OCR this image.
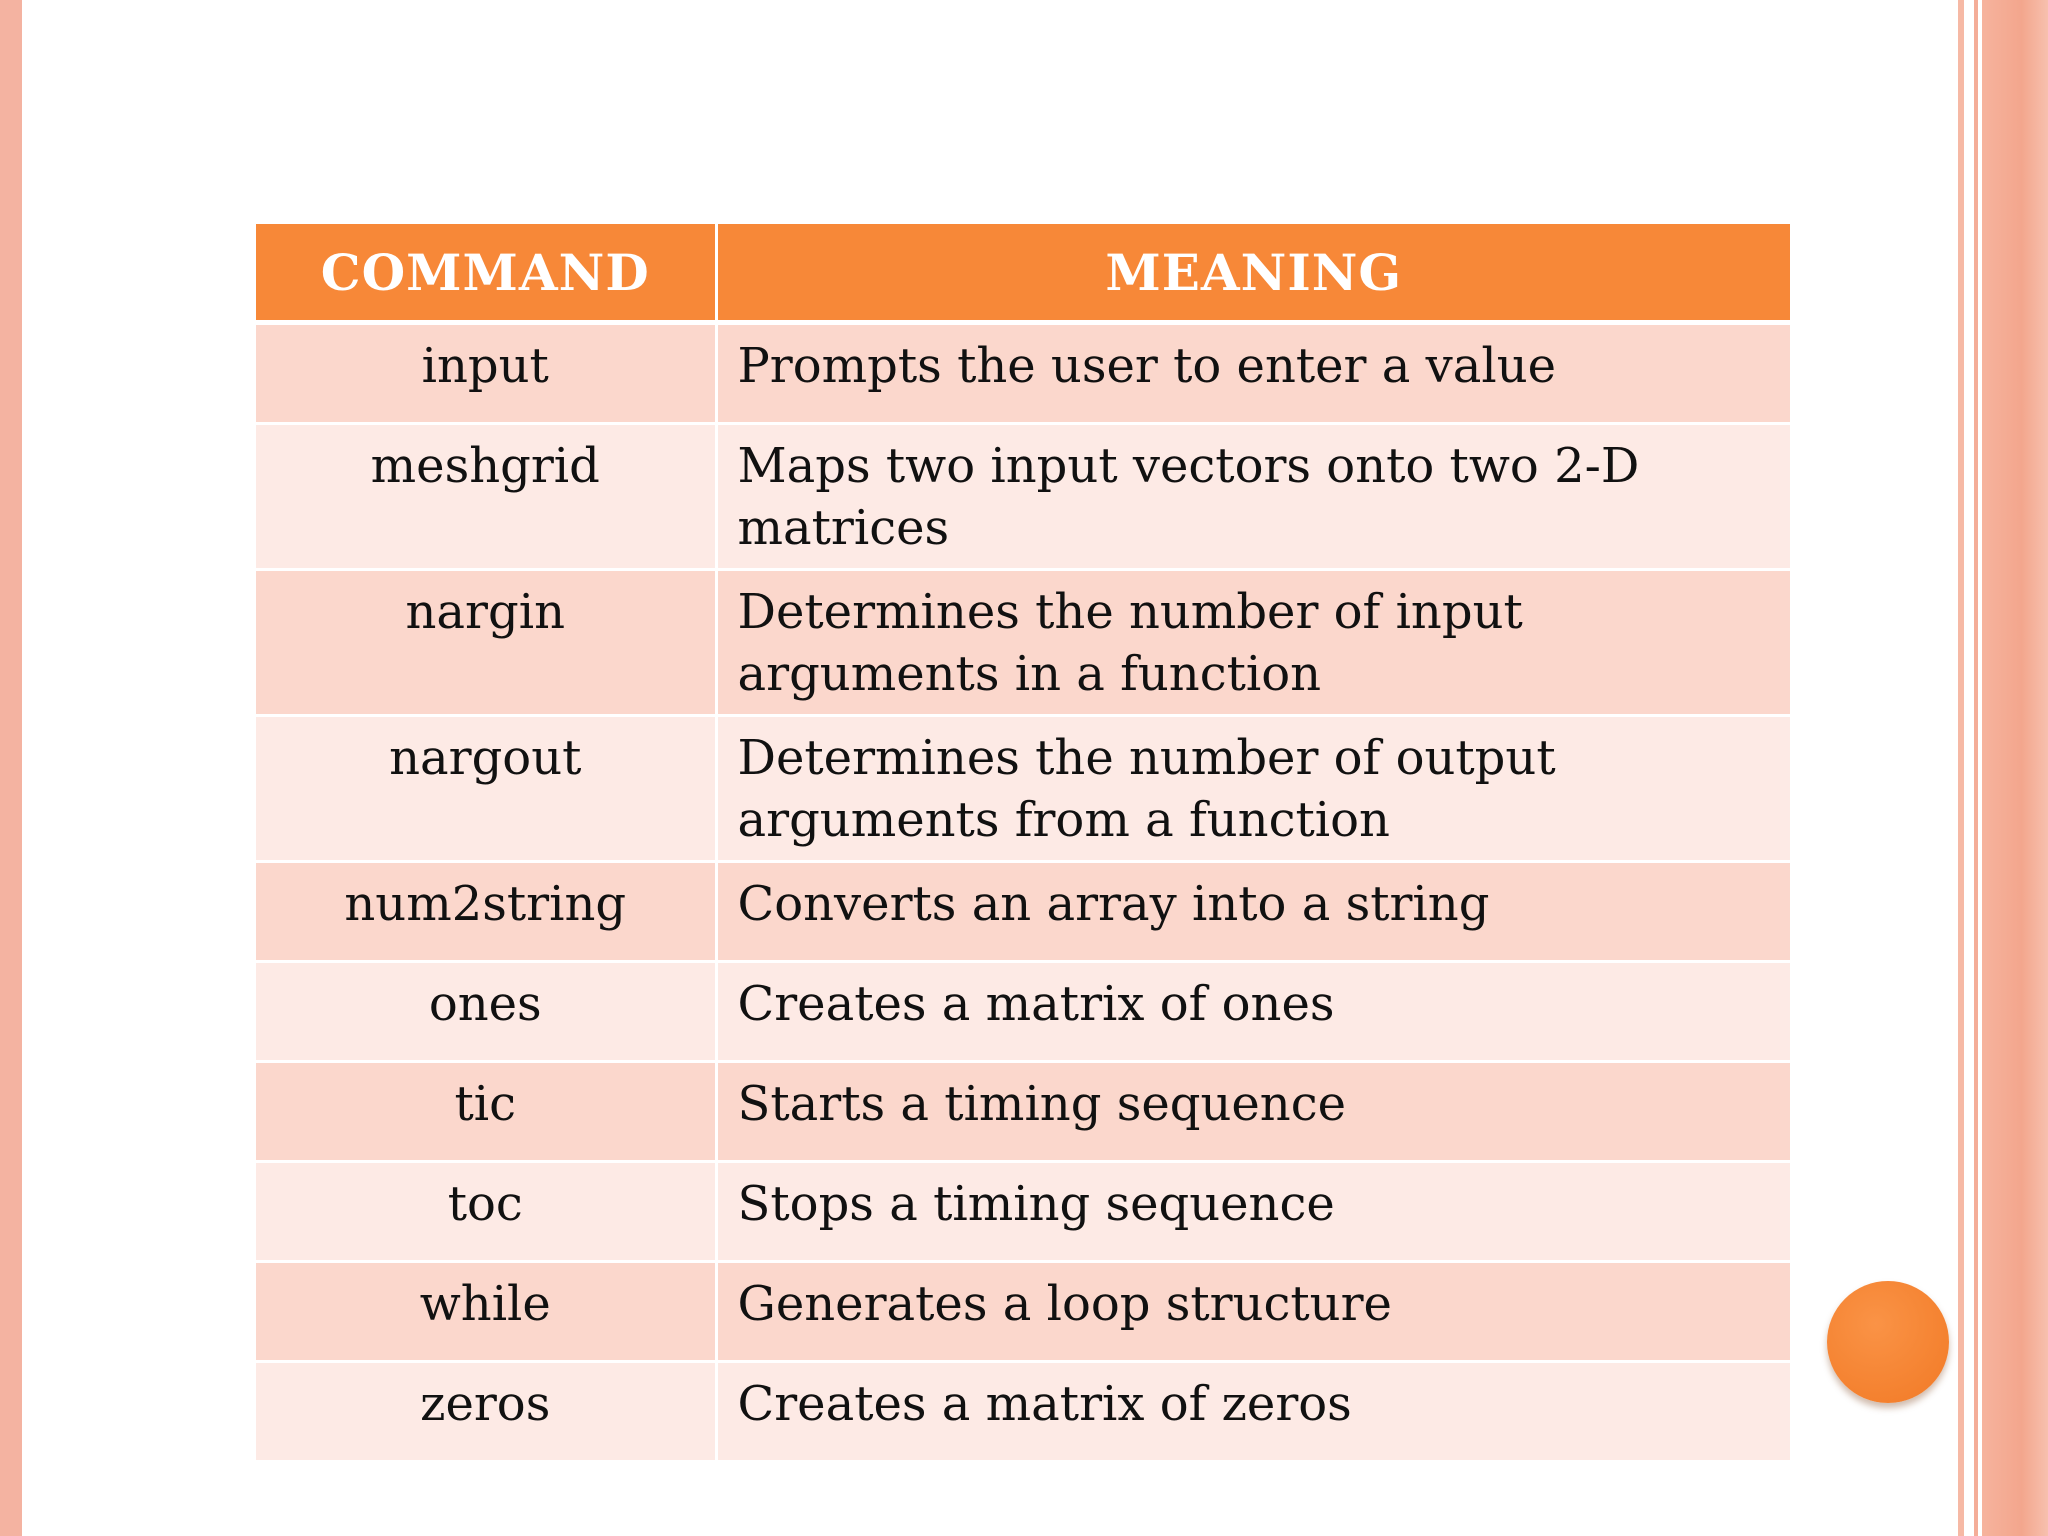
COMMAND	MEANING
input	Prompts the user to enter a value
meshgrid	Maps two input vectors onto two 2-D matrices
nargin	Determines the number of input arguments in a function
nargout	Determines the number of output arguments from a function
num2string	Converts an array into a string
ones	Creates a matrix of ones
tic	Starts a timing sequence
toc	Stops a timing sequence
while	Generates a loop structure
zeros	Creates a matrix of zeros
